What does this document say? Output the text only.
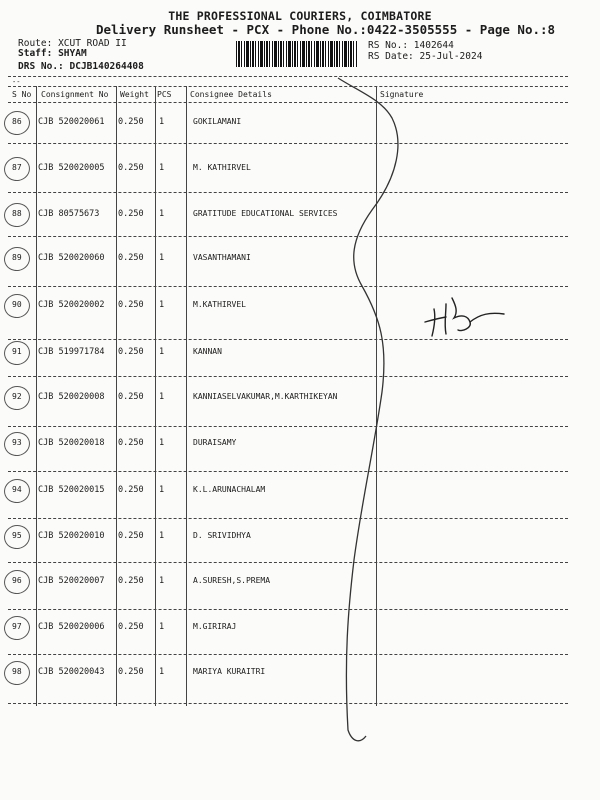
THE PROFESSIONAL COURIERS, COIMBATORE
Delivery Runsheet - PCX - Phone No.:0422-3505555 - Page No.:8
Route: XCUT ROAD II
Staff: SHYAM
DRS No.: DCJB140264408
RS No.: 1402644
RS Date: 25-Jul-2024
--
S No Consignment No Weight PCS Consignee Details	Signature
86 CJB 520020061 0.250 1	GOKILAMANI
87 CJB 520020005 0.250 1	M. KATHIRVEL
88 CJB 80575673 0.250 1	GRATITUDE EDUCATIONAL SERVICES
89 CJB 520020060 0.250 1	VASANTHAMANI
90 CJB 520020002 0.250 1	M.KATHIRVEL
91 CJB 519971784 0.250 1	KANNAN
92 CJB 520020008 0.250 1	KANNIASELVAKUMAR,M.KARTHIKEYAN
93 CJB 520020018 0.250 1	DURAISAMY
94 CJB 520020015 0.250 1	K.L.ARUNACHALAM
95 CJB 520020010 0.250 1	D. SRIVIDHYA
96 CJB 520020007 0.250 1	A.SURESH,S.PREMA
97 CJB 520020006 0.250 1	M.GIRIRAJ
98 CJB 520020043 0.250 1	MARIYA KURAITRI
